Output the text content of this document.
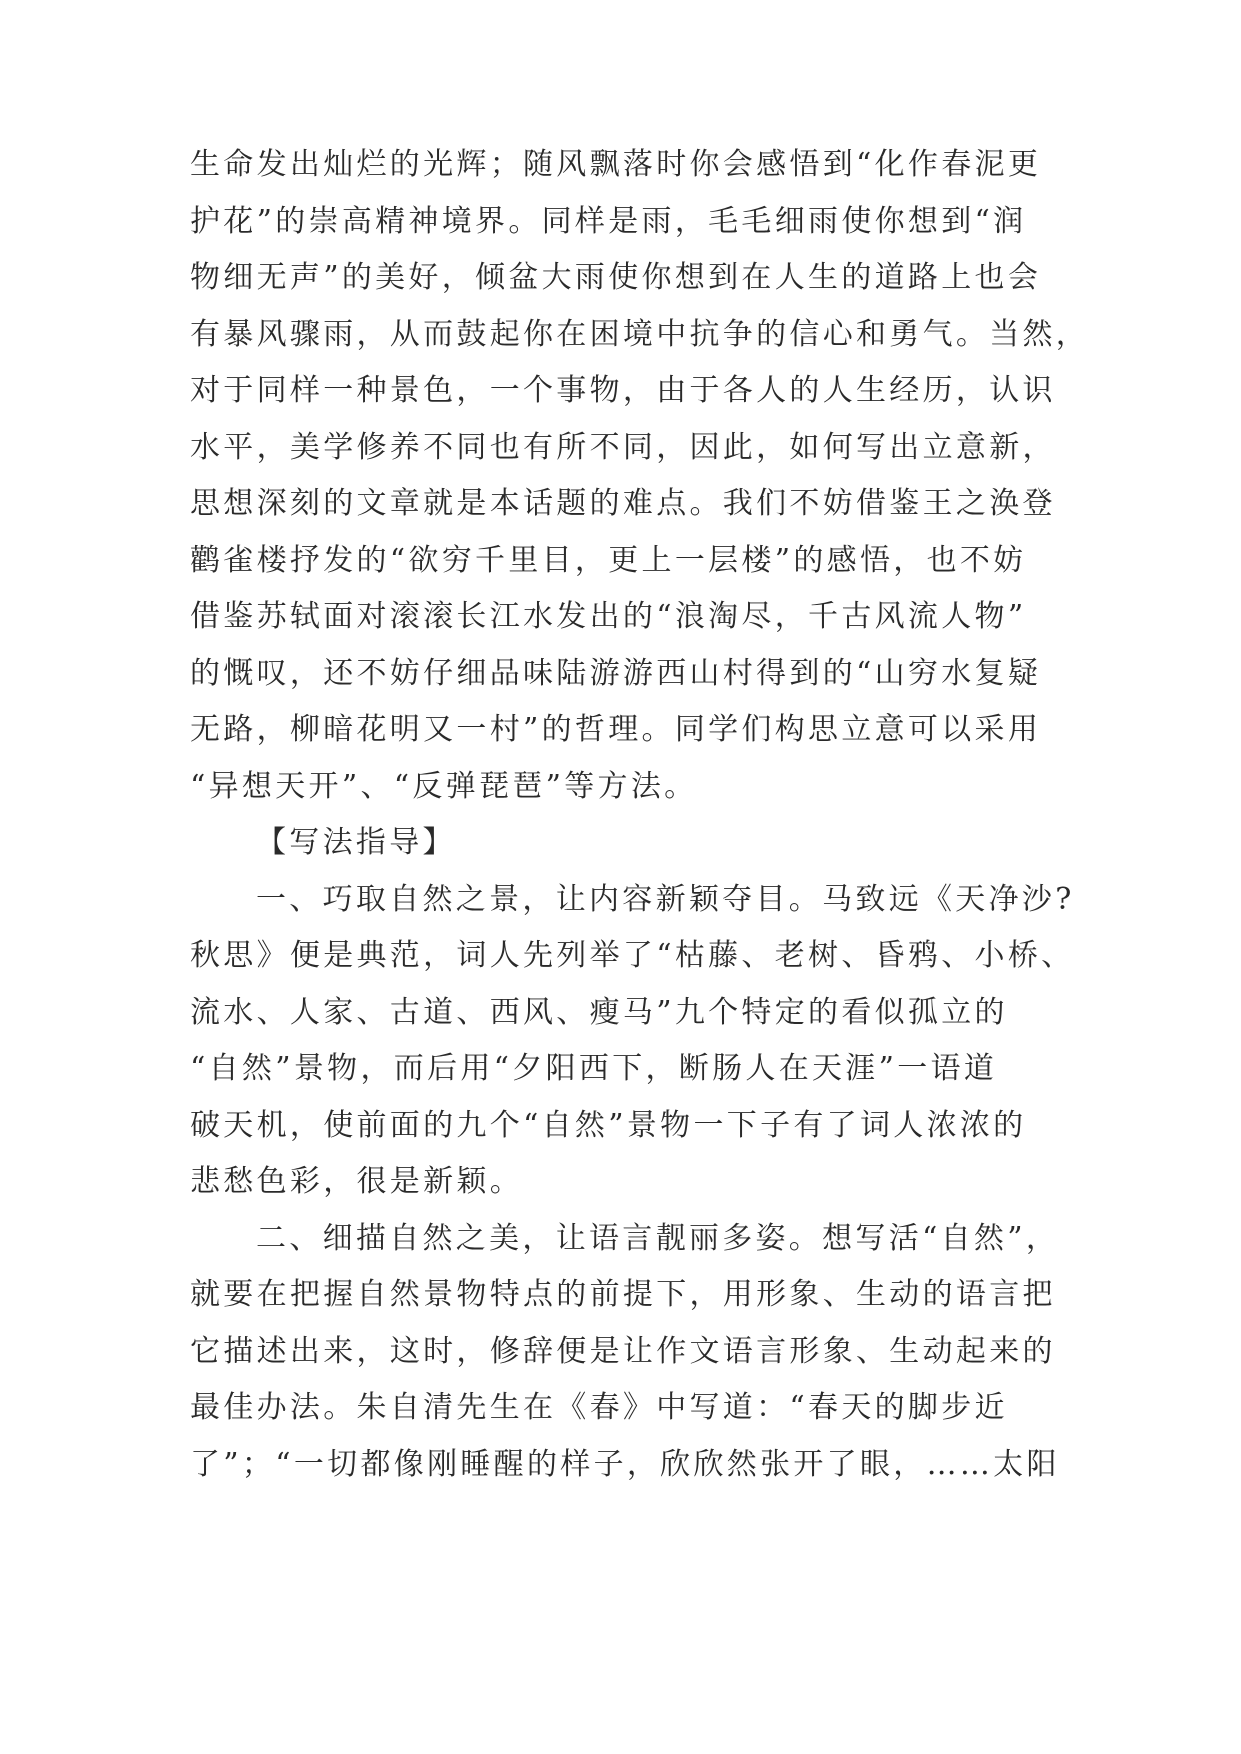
生命发出灿烂的光辉；随风飘落时你会感悟到“化作春泥更
护花”的崇高精神境界。同样是雨，毛毛细雨使你想到“润
物细无声”的美好，倾盆大雨使你想到在人生的道路上也会
有暴风骤雨，从而鼓起你在困境中抗争的信心和勇气。当然，
对于同样一种景色，一个事物，由于各人的人生经历，认识
水平，美学修养不同也有所不同，因此，如何写出立意新，
思想深刻的文章就是本话题的难点。我们不妨借鉴王之涣登
鹳雀楼抒发的“欲穷千里目，更上一层楼”的感悟，也不妨
借鉴苏轼面对滚滚长江水发出的“浪淘尽，千古风流人物”
的慨叹，还不妨仔细品味陆游游西山村得到的“山穷水复疑
无路，柳暗花明又一村”的哲理。同学们构思立意可以采用
“异想天开”、“反弹琵琶”等方法。
【写法指导】
一、巧取自然之景，让内容新颖夺目。马致远《天净沙?
秋思》便是典范，词人先列举了“枯藤、老树、昏鸦、小桥、
流水、人家、古道、西风、瘦马”九个特定的看似孤立的
“自然”景物，而后用“夕阳西下，断肠人在天涯”一语道
破天机，使前面的九个“自然”景物一下子有了词人浓浓的
悲愁色彩，很是新颖。
二、细描自然之美，让语言靓丽多姿。想写活“自然”，
就要在把握自然景物特点的前提下，用形象、生动的语言把
它描述出来，这时，修辞便是让作文语言形象、生动起来的
最佳办法。朱自清先生在《春》中写道：“春天的脚步近
了”；“一切都像刚睡醒的样子，欣欣然张开了眼，……太阳
